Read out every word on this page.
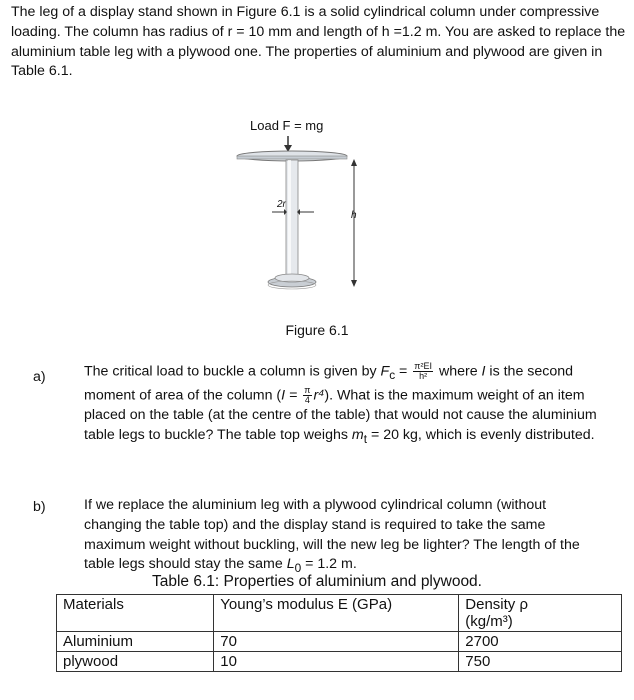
The leg of a display stand shown in Figure 6.1 is a solid cylindrical column under compressive loading. The column has radius of r = 10 mm and length of h =1.2 m. You are asked to replace the aluminium table leg with a plywood one. The properties of aluminium and plywood are given in Table 6.1.
Load F = mg
2r
h
Figure 6.1
a)	The critical load to buckle a column is given by $F_c = \frac{\text{π²EI}}{\text{h²}}$ where I is the second moment of area of the column $(I = \frac{\pi}{4} r^4)$. What is the maximum weight of an item placed on the table (at the centre of the table) that would not cause the aluminium table legs to buckle? The table top weighs $m_t = 20$ kg, which is evenly distributed.
b)	If we replace the aluminium leg with a plywood cylindrical column (without changing the table top) and the display stand is required to take the same maximum weight without buckling, will the new leg be lighter? The length of the table legs should stay the same $L_0 = 1.2$ m.
Table 6.1: Properties of aluminium and plywood.
Materials	Young’s modulus E (GPa)	Density ρ
(kg/m³)
Aluminium	70	2700
plywood	10	750
